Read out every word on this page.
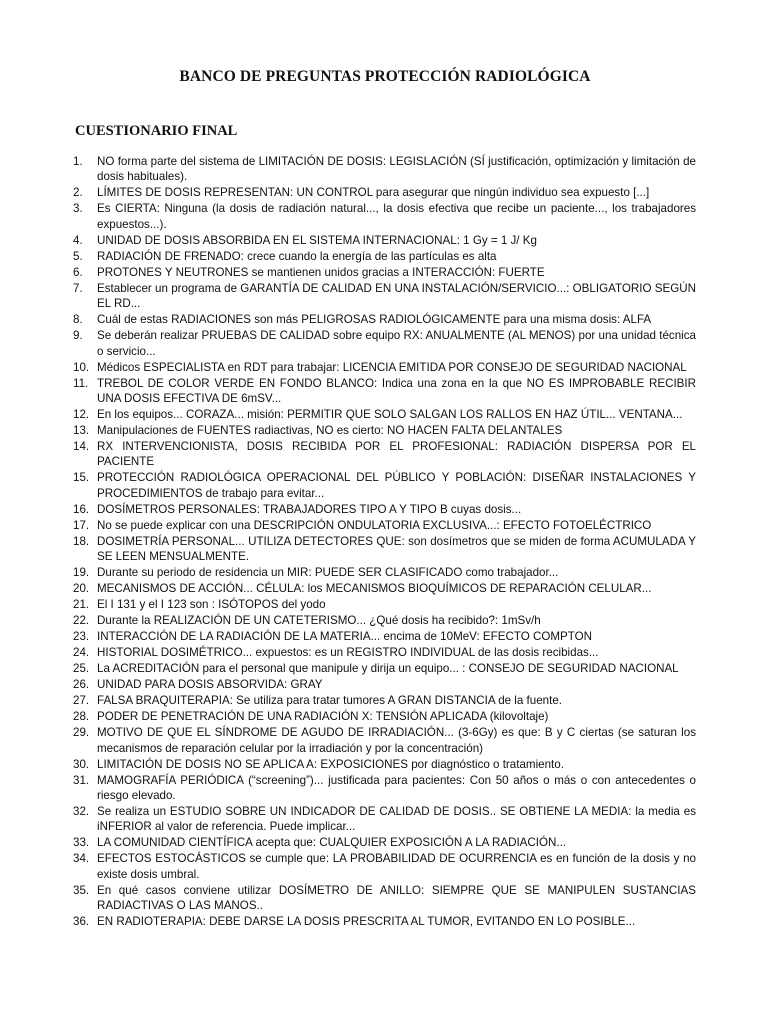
BANCO DE PREGUNTAS PROTECCIÓN RADIOLÓGICA
CUESTIONARIO FINAL
1. NO forma parte del sistema de LIMITACIÓN DE DOSIS: LEGISLACIÓN (SÍ justificación, optimización y limitación de dosis habituales).
2. LÍMITES DE DOSIS REPRESENTAN: UN CONTROL para asegurar que ningún individuo sea expuesto [...]
3. Es CIERTA: Ninguna (la dosis de radiación natural..., la dosis efectiva que recibe un paciente..., los trabajadores expuestos...).
4. UNIDAD DE DOSIS ABSORBIDA EN EL SISTEMA INTERNACIONAL: 1 Gy = 1 J/ Kg
5. RADIACIÓN DE FRENADO: crece cuando la energía de las partículas es alta
6. PROTONES Y NEUTRONES se mantienen unidos gracias a INTERACCIÓN: FUERTE
7. Establecer un programa de GARANTÍA DE CALIDAD EN UNA INSTALACIÓN/SERVICIO...: OBLIGATORIO SEGÚN EL RD...
8. Cuál de estas RADIACIONES son más PELIGROSAS RADIOLÓGICAMENTE para una misma dosis: ALFA
9. Se deberán realizar PRUEBAS DE CALIDAD sobre equipo RX: ANUALMENTE (AL MENOS) por una unidad técnica o servicio...
10. Médicos ESPECIALISTA en RDT para trabajar: LICENCIA EMITIDA POR CONSEJO DE SEGURIDAD NACIONAL
11. TREBOL DE COLOR VERDE EN FONDO BLANCO: Indica una zona en la que NO ES IMPROBABLE RECIBIR UNA DOSIS EFECTIVA DE 6mSV...
12. En los equipos... CORAZA... misión: PERMITIR QUE SOLO SALGAN LOS RALLOS EN HAZ ÚTIL... VENTANA...
13. Manipulaciones de FUENTES radiactivas, NO es cierto: NO HACEN FALTA DELANTALES
14. RX INTERVENCIONISTA, DOSIS RECIBIDA POR EL PROFESIONAL: RADIACIÓN DISPERSA POR EL PACIENTE
15. PROTECCIÓN RADIOLÓGICA OPERACIONAL DEL PÚBLICO Y POBLACIÓN: DISEÑAR INSTALACIONES Y PROCEDIMIENTOS de trabajo para evitar...
16. DOSÍMETROS PERSONALES: TRABAJADORES TIPO A Y TIPO B cuyas dosis...
17. No se puede explicar con una DESCRIPCIÓN ONDULATORIA EXCLUSIVA...: EFECTO FOTOELÉCTRICO
18. DOSIMETRÍA PERSONAL... UTILIZA DETECTORES QUE: son dosímetros que se miden de forma ACUMULADA Y SE LEEN MENSUALMENTE.
19. Durante su periodo de residencia un MIR: PUEDE SER CLASIFICADO como trabajador...
20. MECANISMOS DE ACCIÓN... CÉLULA: los MECANISMOS BIOQUÍMICOS DE REPARACIÓN CELULAR...
21. El I 131 y el I 123 son : ISÓTOPOS del yodo
22. Durante la REALIZACIÓN DE UN CATETERISMO... ¿Qué dosis ha recibido?: 1mSv/h
23. INTERACCIÓN DE LA RADIACIÓN DE LA MATERIA... encima de 10MeV: EFECTO COMPTON
24. HISTORIAL DOSIMÉTRICO... expuestos: es un REGISTRO INDIVIDUAL de las dosis recibidas...
25. La ACREDITACIÓN para el personal que manipule y dirija un equipo... : CONSEJO DE SEGURIDAD NACIONAL
26. UNIDAD PARA DOSIS ABSORVIDA: GRAY
27. FALSA BRAQUITERAPIA: Se utiliza para tratar tumores A GRAN DISTANCIA de la fuente.
28. PODER DE PENETRACIÓN DE UNA RADIACIÓN X: TENSIÓN APLICADA (kilovoltaje)
29. MOTIVO DE QUE EL SÍNDROME DE AGUDO DE IRRADIACIÓN... (3-6Gy) es que: B y C ciertas (se saturan los mecanismos de reparación celular por la irradiación y por la concentración)
30. LIMITACIÓN DE DOSIS NO SE APLICA A: EXPOSICIONES por diagnóstico o tratamiento.
31. MAMOGRAFÍA PERIÓDICA (“screening”)... justificada para pacientes: Con 50 años o más o con antecedentes o riesgo elevado.
32. Se realiza un ESTUDIO SOBRE UN INDICADOR DE CALIDAD DE DOSIS.. SE OBTIENE LA MEDIA: la media es iNFERIOR al valor de referencia. Puede implicar...
33. LA COMUNIDAD CIENTÍFICA acepta que: CUALQUIER EXPOSICIÓN A LA RADIACIÓN...
34. EFECTOS ESTOCÁSTICOS se cumple que: LA PROBABILIDAD DE OCURRENCIA es en función de la dosis y no existe dosis umbral.
35. En qué casos conviene utilizar DOSÍMETRO DE ANILLO: SIEMPRE QUE SE MANIPULEN SUSTANCIAS RADIACTIVAS O LAS MANOS..
36. EN RADIOTERAPIA: DEBE DARSE LA DOSIS PRESCRITA AL TUMOR, EVITANDO EN LO POSIBLE...
